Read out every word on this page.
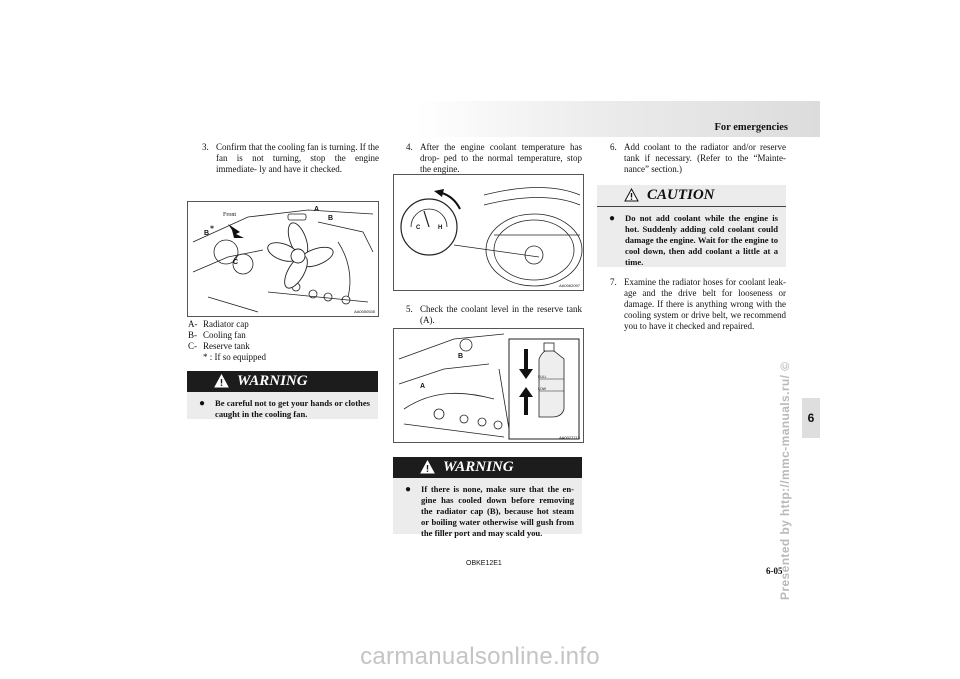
For emergencies
3. Confirm that the cooling fan is turning. If the fan is not turning, stop the engine immediate- ly and have it checked.
Front
A
B
B
*
C
AA0050535
A- Radiator cap
B- Cooling fan
C- Reserve tank
* : If so equipped
WARNING
● Be careful not to get your hands or clothes caught in the cooling fan.
4. After the engine coolant temperature has drop- ped to the normal temperature, stop the engine.
C	H
AA0062097
5. Check the coolant level in the reserve tank (A).
A
B
FULL
LOW
AA0027713
WARNING
● If there is none, make sure that the en- gine has cooled down before removing the radiator cap (B), because hot steam or boiling water otherwise will gush from the filler port and may scald you.
6. Add coolant to the radiator and/or reserve tank if necessary. (Refer to the “Mainte- nance” section.)
CAUTION
● Do not add coolant while the engine is hot. Suddenly adding cold coolant could damage the engine. Wait for the engine to cool down, then add coolant a little at a time.
7. Examine the radiator hoses for coolant leak- age and the drive belt for looseness or damage. If there is anything wrong with the cooling system or drive belt, we recommend you to have it checked and repaired.
6
Presented by http://mmc-manuals.ru/ ©
OBKE12E1
6-05
carmanualsonline.info
